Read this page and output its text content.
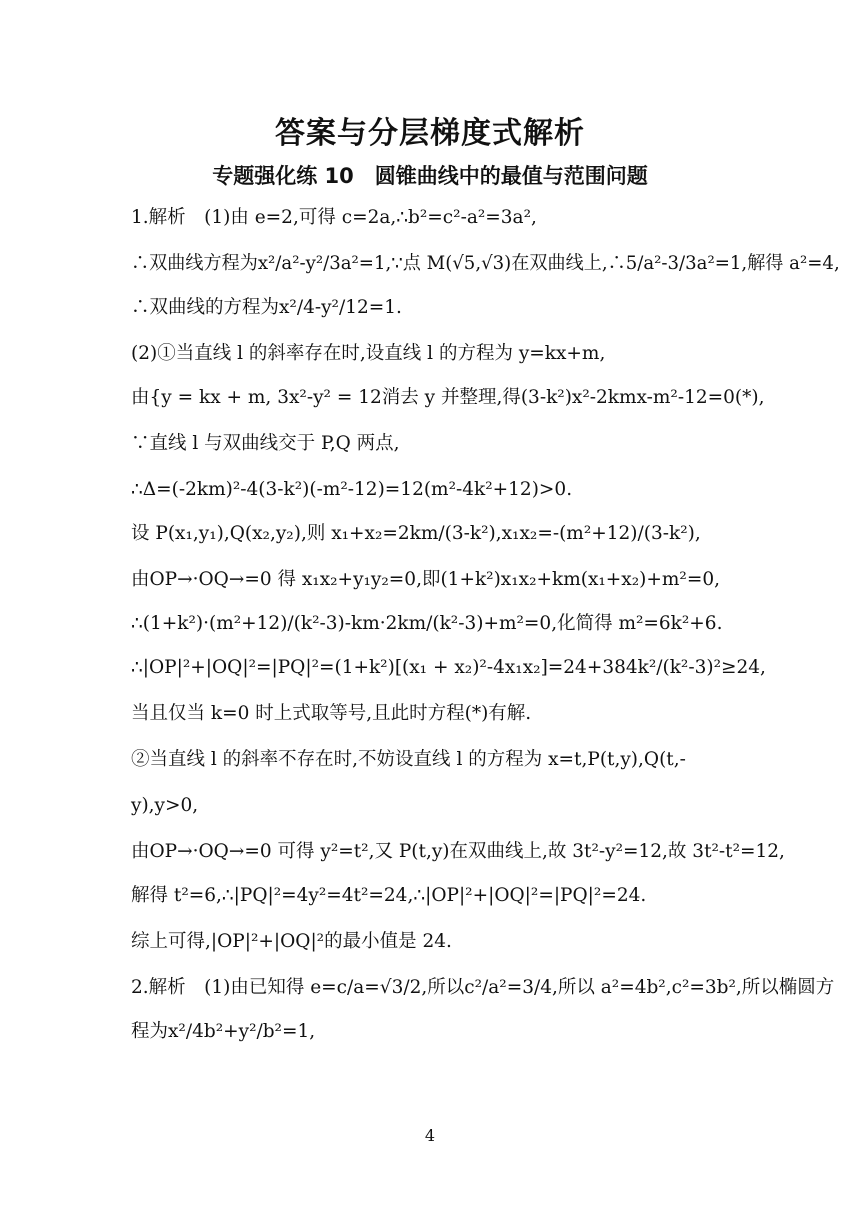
答案与分层梯度式解析
专题强化练 10　圆锥曲线中的最值与范围问题
1.解析　(1)由 e=2,可得 c=2a,∴b²=c²-a²=3a²,
∴双曲线方程为x²/a²-y²/3a²=1,∵点 M(√5,√3)在双曲线上,∴5/a²-3/3a²=1,解得 a²=4,
∴双曲线的方程为x²/4-y²/12=1.
(2)①当直线 l 的斜率存在时,设直线 l 的方程为 y=kx+m,
由{y = kx + m, 3x²-y² = 12消去 y 并整理,得(3-k²)x²-2kmx-m²-12=0(*),
∵直线 l 与双曲线交于 P,Q 两点,
∴Δ=(-2km)²-4(3-k²)(-m²-12)=12(m²-4k²+12)>0.
设 P(x₁,y₁),Q(x₂,y₂),则 x₁+x₂=2km/(3-k²),x₁x₂=-(m²+12)/(3-k²),
由OP→·OQ→=0 得 x₁x₂+y₁y₂=0,即(1+k²)x₁x₂+km(x₁+x₂)+m²=0,
∴(1+k²)·(m²+12)/(k²-3)-km·2km/(k²-3)+m²=0,化简得 m²=6k²+6.
∴|OP|²+|OQ|²=|PQ|²=(1+k²)[(x₁ + x₂)²-4x₁x₂]=24+384k²/(k²-3)²≥24,
当且仅当 k=0 时上式取等号,且此时方程(*)有解.
②当直线 l 的斜率不存在时,不妨设直线 l 的方程为 x=t,P(t,y),Q(t,-
y),y>0,
由OP→·OQ→=0 可得 y²=t²,又 P(t,y)在双曲线上,故 3t²-y²=12,故 3t²-t²=12,
解得 t²=6,∴|PQ|²=4y²=4t²=24,∴|OP|²+|OQ|²=|PQ|²=24.
综上可得,|OP|²+|OQ|²的最小值是 24.
2.解析　(1)由已知得 e=c/a=√3/2,所以c²/a²=3/4,所以 a²=4b²,c²=3b²,所以椭圆方
程为x²/4b²+y²/b²=1,
4
